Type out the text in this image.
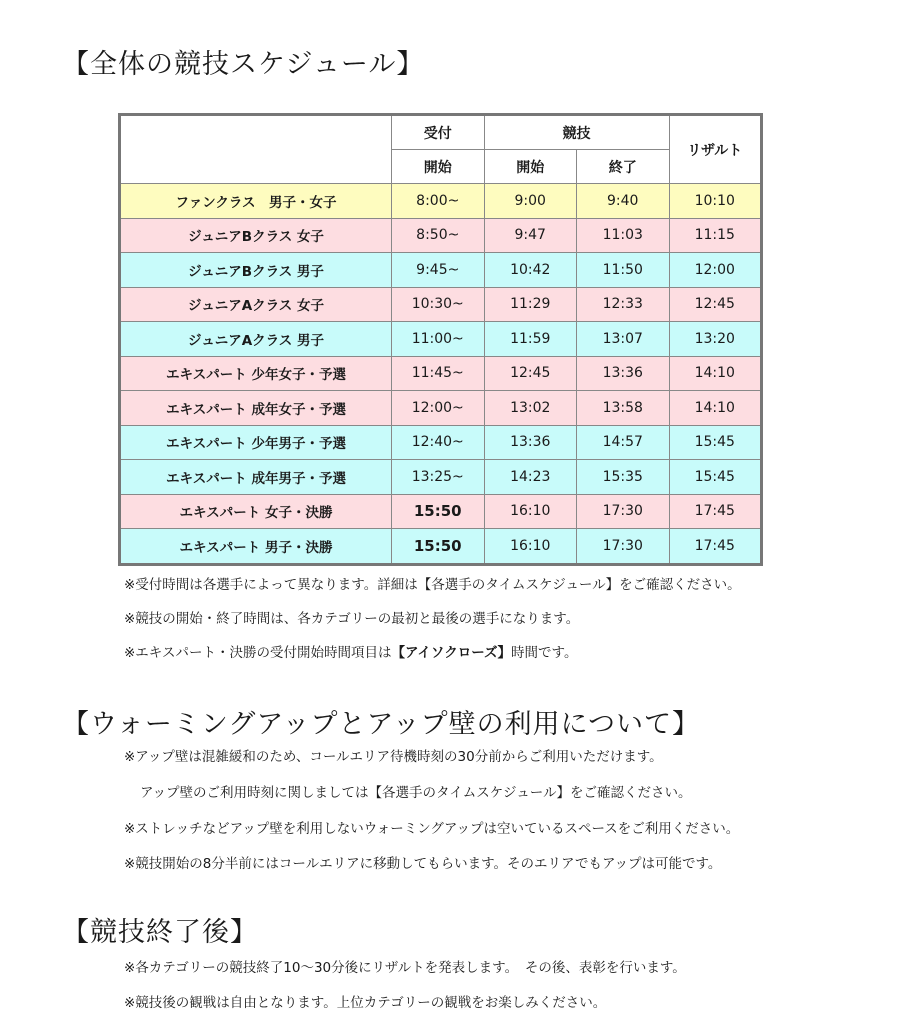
【全体の競技スケジュール】
	受付	競技		リザルト
	開始	開始	終了	
ファンクラス　男子・女子	8:00~	9:00	9:40	10:10
ジュニアBクラス 女子	8:50~	9:47	11:03	11:15
ジュニアBクラス 男子	9:45~	10:42	11:50	12:00
ジュニアAクラス 女子	10:30~	11:29	12:33	12:45
ジュニアAクラス 男子	11:00~	11:59	13:07	13:20
エキスパート 少年女子・予選	11:45~	12:45	13:36	14:10
エキスパート 成年女子・予選	12:00~	13:02	13:58	14:10
エキスパート 少年男子・予選	12:40~	13:36	14:57	15:45
エキスパート 成年男子・予選	13:25~	14:23	15:35	15:45
エキスパート 女子・決勝	15:50	16:10	17:30	17:45
エキスパート 男子・決勝	15:50	16:10	17:30	17:45
※受付時間は各選手によって異なります。詳細は【各選手のタイムスケジュール】をご確認ください。
※競技の開始・終了時間は、各カテゴリーの最初と最後の選手になります。
※エキスパート・決勝の受付開始時間項目は【アイソクローズ】時間です。
【ウォーミングアップとアップ壁の利用について】
※アップ壁は混雑緩和のため、コールエリア待機時刻の30分前からご利用いただけます。
アップ壁のご利用時刻に関しましては【各選手のタイムスケジュール】をご確認ください。
※ストレッチなどアップ壁を利用しないウォーミングアップは空いているスペースをご利用ください。
※競技開始の8分半前にはコールエリアに移動してもらいます。そのエリアでもアップは可能です。
【競技終了後】
※各カテゴリーの競技終了10〜30分後にリザルトを発表します。　その後、表彰を行います。
※競技後の観戦は自由となります。上位カテゴリーの観戦をお楽しみください。
